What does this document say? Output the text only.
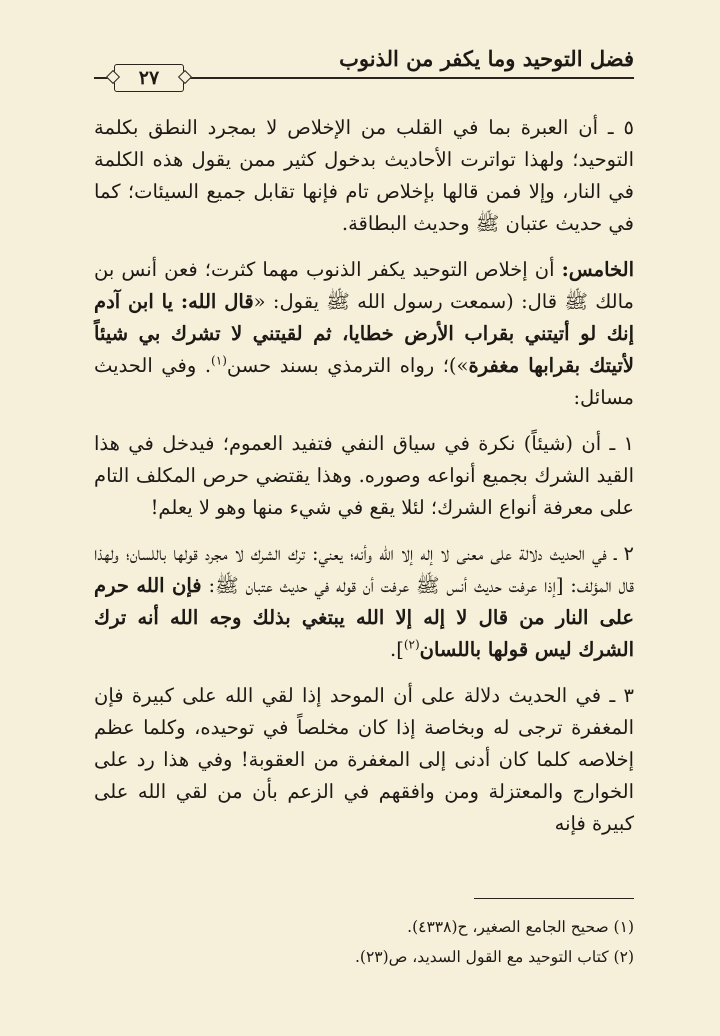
فضل التوحيد وما يكفر من الذنوب
٢٧

٥ ـ أن العبرة بما في القلب من الإخلاص لا بمجرد النطق بكلمة التوحيد؛ ولهذا تواترت الأحاديث بدخول كثير ممن يقول هذه الكلمة في النار، وإلا فمن قالها بإخلاص تام فإنها تقابل جميع السيئات؛ كما في حديث عتبان ﷺ وحديث البطاقة.

الخامس: أن إخلاص التوحيد يكفر الذنوب مهما كثرت؛ فعن أنس بن مالك ﷺ قال: (سمعت رسول الله ﷺ يقول: «قال الله: يا ابن آدم إنك لو أتيتني بقراب الأرض خطايا، ثم لقيتني لا تشرك بي شيئاً لأتيتك بقرابها مغفرة»)؛ رواه الترمذي بسند حسن$^{(١)}$. وفي الحديث مسائل:

١ ـ أن (شيئاً) نكرة في سياق النفي فتفيد العموم؛ فيدخل في هذا القيد الشرك بجميع أنواعه وصوره. وهذا يقتضي حرص المكلف التام على معرفة أنواع الشرك؛ لئلا يقع في شيء منها وهو لا يعلم!

٢ ـ في الحديث دلالة على معنى لا إله إلا الله وأنه؛ يعني: ترك الشرك لا مجرد قولها باللسان؛ ولهذا قال المؤلف: [إذا عرفت حديث أنس ﷺ عرفت أن قوله في حديث عتبان ﷺ: فإن الله حرم على النار من قال لا إله إلا الله يبتغي بذلك وجه الله أنه ترك الشرك ليس قولها باللسان$^{(٢)}$].

٣ ـ في الحديث دلالة على أن الموحد إذا لقي الله على كبيرة فإن المغفرة ترجى له وبخاصة إذا كان مخلصاً في توحيده، وكلما عظم إخلاصه كلما كان أدنى إلى المغفرة من العقوبة! وفي هذا رد على الخوارج والمعتزلة ومن وافقهم في الزعم بأن من لقي الله على كبيرة فإنه

(١) صحيح الجامع الصغير، ح(٤٣٣٨).

(٢) كتاب التوحيد مع القول السديد، ص(٢٣).
